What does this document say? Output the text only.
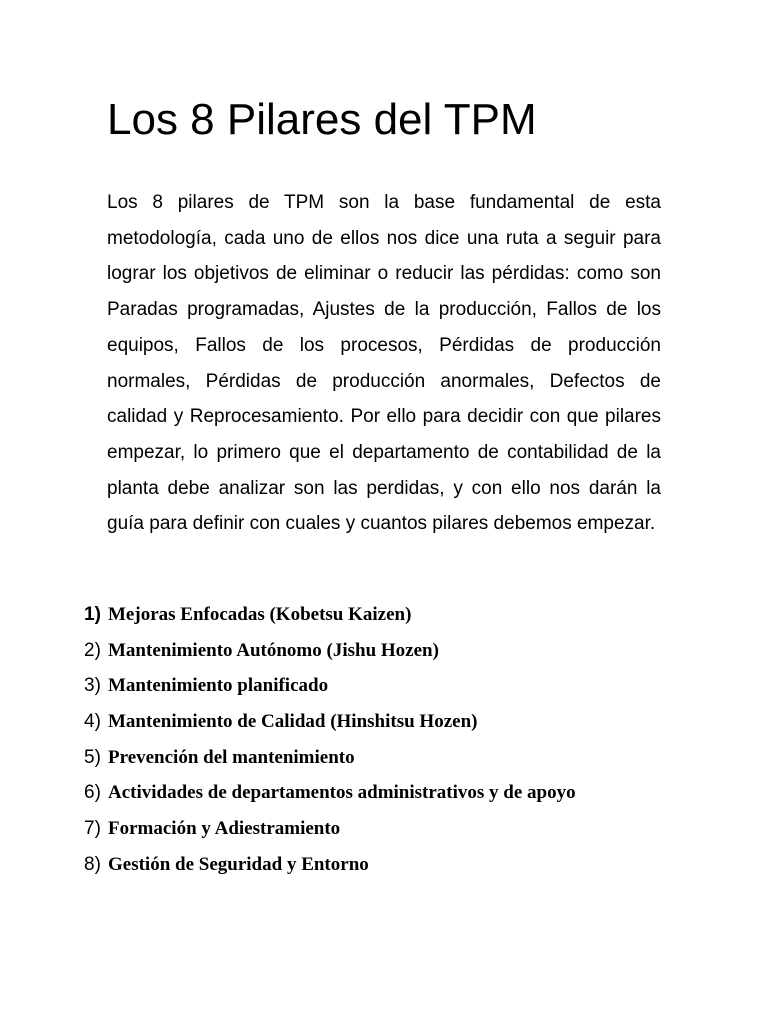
Los 8 Pilares del TPM

Los 8 pilares de TPM son la base fundamental de esta metodología, cada uno de ellos nos dice una ruta a seguir para lograr los objetivos de eliminar o reducir las pérdidas: como son Paradas programadas, Ajustes de la producción, Fallos de los equipos, Fallos de los procesos, Pérdidas de producción normales, Pérdidas de producción anormales, Defectos de calidad y Reprocesamiento. Por ello para decidir con que pilares empezar, lo primero que el departamento de contabilidad de la planta debe analizar son las perdidas, y con ello nos darán la guía para definir con cuales y cuantos pilares debemos empezar.

1) Mejoras Enfocadas (Kobetsu Kaizen)
2) Mantenimiento Autónomo (Jishu Hozen)
3) Mantenimiento planificado
4) Mantenimiento de Calidad (Hinshitsu Hozen)
5) Prevención del mantenimiento
6) Actividades de departamentos administrativos y de apoyo
7) Formación y Adiestramiento
8) Gestión de Seguridad y Entorno
